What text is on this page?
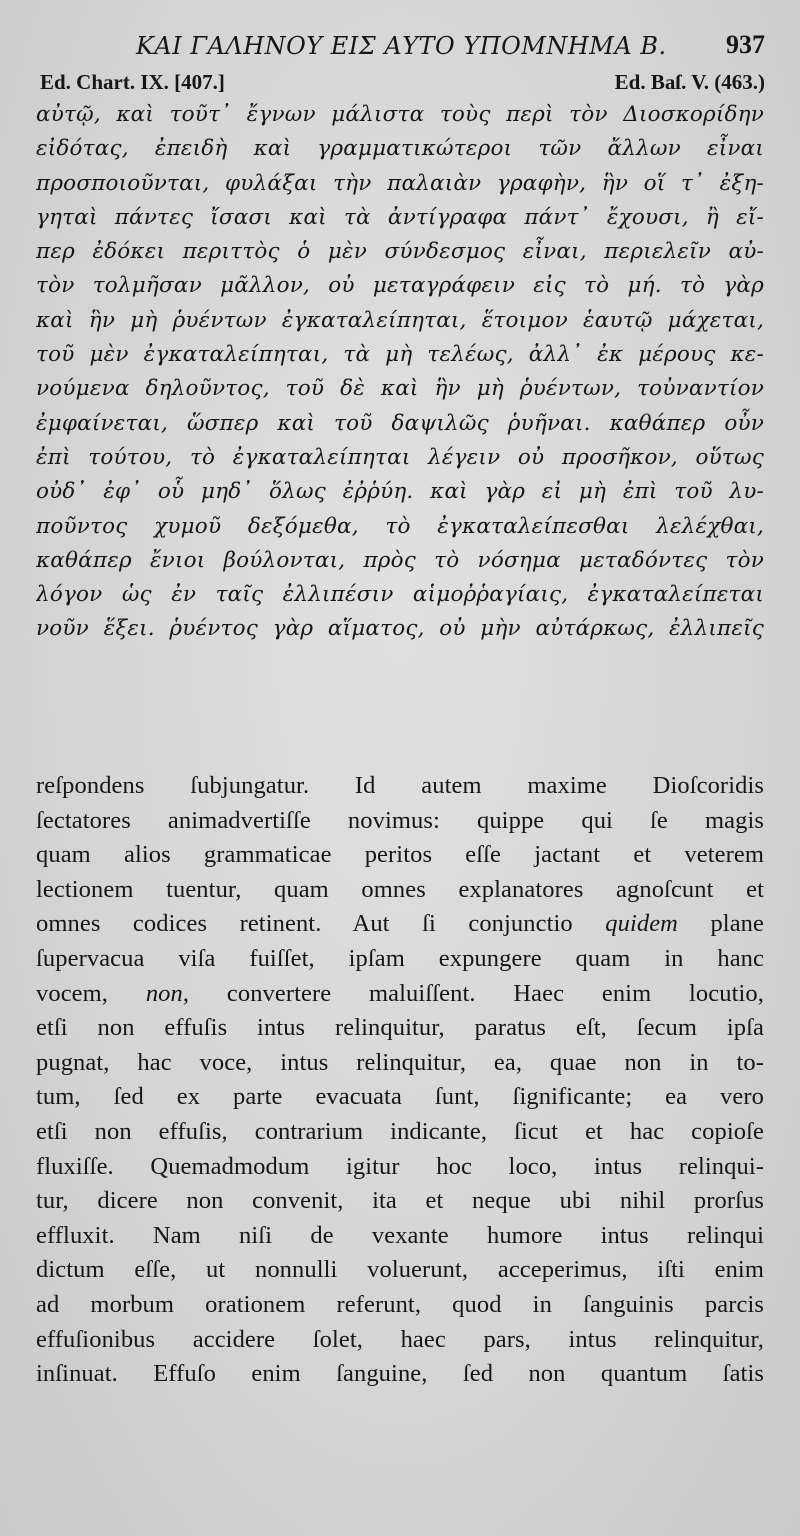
ΚΑΙ ΓΑΛΗΝΟΥ ΕΙΣ ΑΥΤΟ ΥΠΟΜΝΗΜΑ Β. 937
Ed. Chart. IX. [407.]	Ed. Baſ. V. (463.)
αὐτῷ, καὶ τοῦτ᾽ ἔγνων μάλιστα τοὺς περὶ τὸν Διοσκορίδην
εἰδότας, ἐπειδὴ καὶ γραμματικώτεροι τῶν ἄλλων εἶναι
προσποιοῦνται, φυλάξαι τὴν παλαιὰν γραφὴν, ἣν οἵ τ᾽ ἐξη-
γηταὶ πάντες ἴσασι καὶ τὰ ἀντίγραφα πάντ᾽ ἔχουσι, ἢ εἴ-
περ ἐδόκει περιττὸς ὁ μὲν σύνδεσμος εἶναι, περιελεῖν αὐ-
τὸν τολμῆσαν μᾶλλον, οὐ μεταγράφειν εἰς τὸ μή. τὸ γὰρ
καὶ ἣν μὴ ῥυέντων ἐγκαταλείπηται, ἕτοιμον ἑαυτῷ μάχεται,
τοῦ μὲν ἐγκαταλείπηται, τὰ μὴ τελέως, ἀλλ᾽ ἐκ μέρους κε-
νούμενα δηλοῦντος, τοῦ δὲ καὶ ἣν μὴ ῥυέντων, τοὐναντίον
ἐμφαίνεται, ὥσπερ καὶ τοῦ δαψιλῶς ῥυῆναι. καθάπερ οὖν
ἐπὶ τούτου, τὸ ἐγκαταλείπηται λέγειν οὐ προσῆκον, οὕτως
οὐδ᾽ ἐφ᾽ οὗ μηδ᾽ ὅλως ἐῤῥύη. καὶ γὰρ εἰ μὴ ἐπὶ τοῦ λυ-
ποῦντος χυμοῦ δεξόμεθα, τὸ ἐγκαταλείπεσθαι λελέχθαι,
καθάπερ ἔνιοι βούλονται, πρὸς τὸ νόσημα μεταδόντες τὸν
λόγον ὡς ἐν ταῖς ἐλλιπέσιν αἱμοῤῥαγίαις, ἐγκαταλείπεται
νοῦν ἕξει. ῥυέντος γὰρ αἵματος, οὐ μὴν αὐτάρκως, ἐλλιπεῖς
reſpondens ſubjungatur. Id autem maxime Dioſcoridis
ſectatores animadvertiſſe novimus: quippe qui ſe magis
quam alios grammaticae peritos eſſe jactant et veterem
lectionem tuentur, quam omnes explanatores agnoſcunt et
omnes codices retinent. Aut ſi conjunctio quidem plane
ſupervacua viſa fuiſſet, ipſam expungere quam in hanc
vocem, non, convertere maluiſſent. Haec enim locutio,
etſi non effuſis intus relinquitur, paratus eſt, ſecum ipſa
pugnat, hac voce, intus relinquitur, ea, quae non in to-
tum, ſed ex parte evacuata ſunt, ſignificante; ea vero
etſi non effuſis, contrarium indicante, ſicut et hac copioſe
fluxiſſe. Quemadmodum igitur hoc loco, intus relinqui-
tur, dicere non convenit, ita et neque ubi nihil prorſus
effluxit. Nam niſi de vexante humore intus relinqui
dictum eſſe, ut nonnulli voluerunt, acceperimus, iſti enim
ad morbum orationem referunt, quod in ſanguinis parcis
effuſionibus accidere ſolet, haec pars, intus relinquitur,
inſinuat. Effuſo enim ſanguine, ſed non quantum ſatis
